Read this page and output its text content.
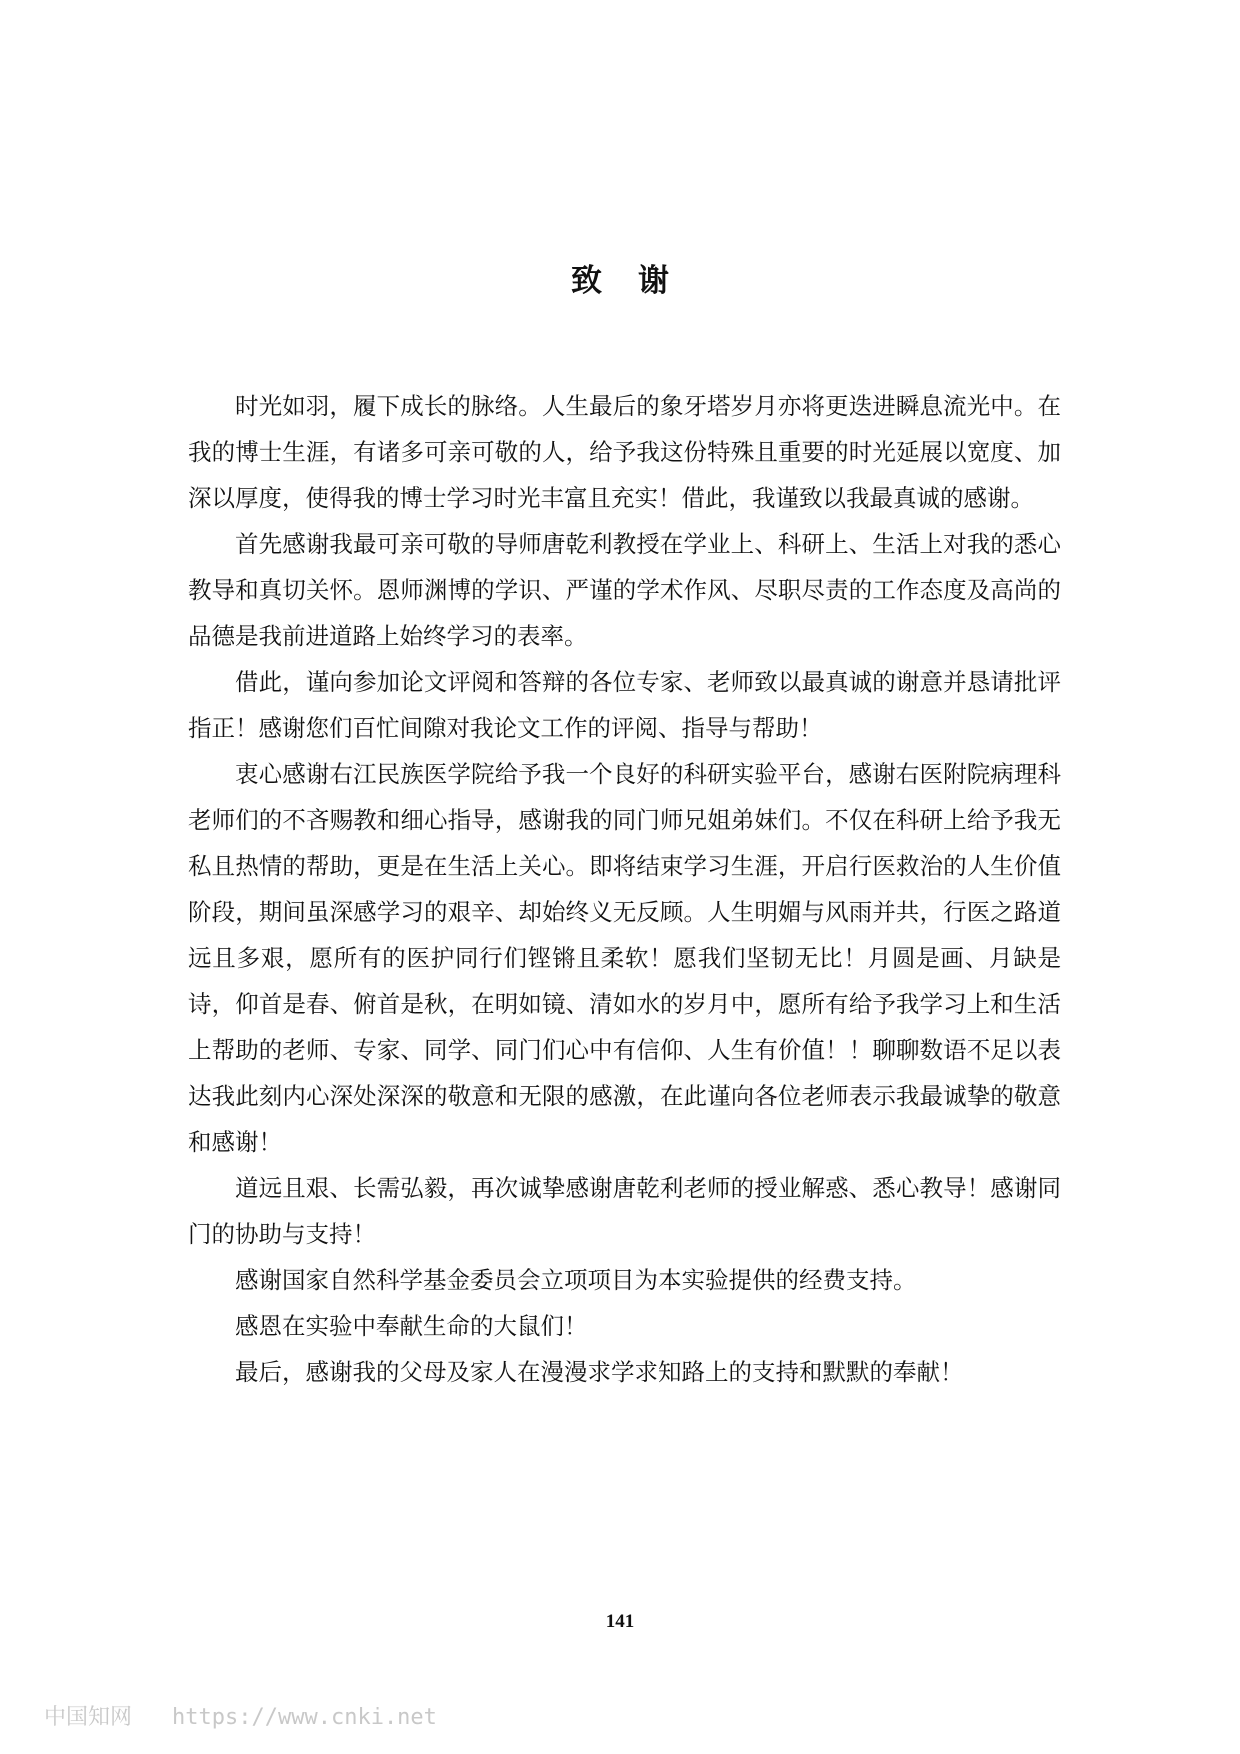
致 谢

时光如羽，履下成长的脉络。人生最后的象牙塔岁月亦将更迭进瞬息流光中。在我的博士生涯，有诸多可亲可敬的人，给予我这份特殊且重要的时光延展以宽度、加深以厚度，使得我的博士学习时光丰富且充实！借此，我谨致以我最真诚的感谢。

首先感谢我最可亲可敬的导师唐乾利教授在学业上、科研上、生活上对我的悉心教导和真切关怀。恩师渊博的学识、严谨的学术作风、尽职尽责的工作态度及高尚的品德是我前进道路上始终学习的表率。

借此，谨向参加论文评阅和答辩的各位专家、老师致以最真诚的谢意并恳请批评指正！感谢您们百忙间隙对我论文工作的评阅、指导与帮助！

衷心感谢右江民族医学院给予我一个良好的科研实验平台，感谢右医附院病理科老师们的不吝赐教和细心指导，感谢我的同门师兄姐弟妹们。不仅在科研上给予我无私且热情的帮助，更是在生活上关心。即将结束学习生涯，开启行医救治的人生价值阶段，期间虽深感学习的艰辛、却始终义无反顾。人生明媚与风雨并共，行医之路道远且多艰，愿所有的医护同行们铿锵且柔软！愿我们坚韧无比！月圆是画、月缺是诗，仰首是春、俯首是秋，在明如镜、清如水的岁月中，愿所有给予我学习上和生活上帮助的老师、专家、同学、同门们心中有信仰、人生有价值！！聊聊数语不足以表达我此刻内心深处深深的敬意和无限的感激，在此谨向各位老师表示我最诚挚的敬意和感谢！

道远且艰、长需弘毅，再次诚挚感谢唐乾利老师的授业解惑、悉心教导！感谢同门的协助与支持！

感谢国家自然科学基金委员会立项项目为本实验提供的经费支持。

感恩在实验中奉献生命的大鼠们！

最后，感谢我的父母及家人在漫漫求学求知路上的支持和默默的奉献！

141
中国知网 https://www.cnki.net
